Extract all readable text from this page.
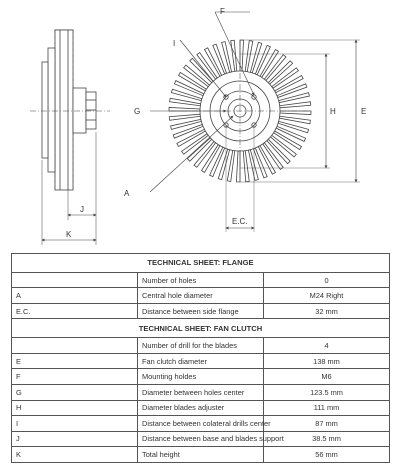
J
K
F
I
G
A
H	E
E.C.
TECHNICAL SHEET: FLANGE		
	Number of holes	0
A	Central hole diameter	M24 Right
E.C.	Distance between side flange	32 mm
TECHNICAL SHEET: FAN CLUTCH		
	Number of drill for the blades	4
E	Fan clutch diameter	138 mm
F	Mounting holdes	M6
G	Diameter between holes center	123.5 mm
H	Diameter blades adjuster	111 mm
I	Distance between colateral drills center	87 mm
J	Distance between base and blades support	38.5 mm
K	Total height	56 mm
